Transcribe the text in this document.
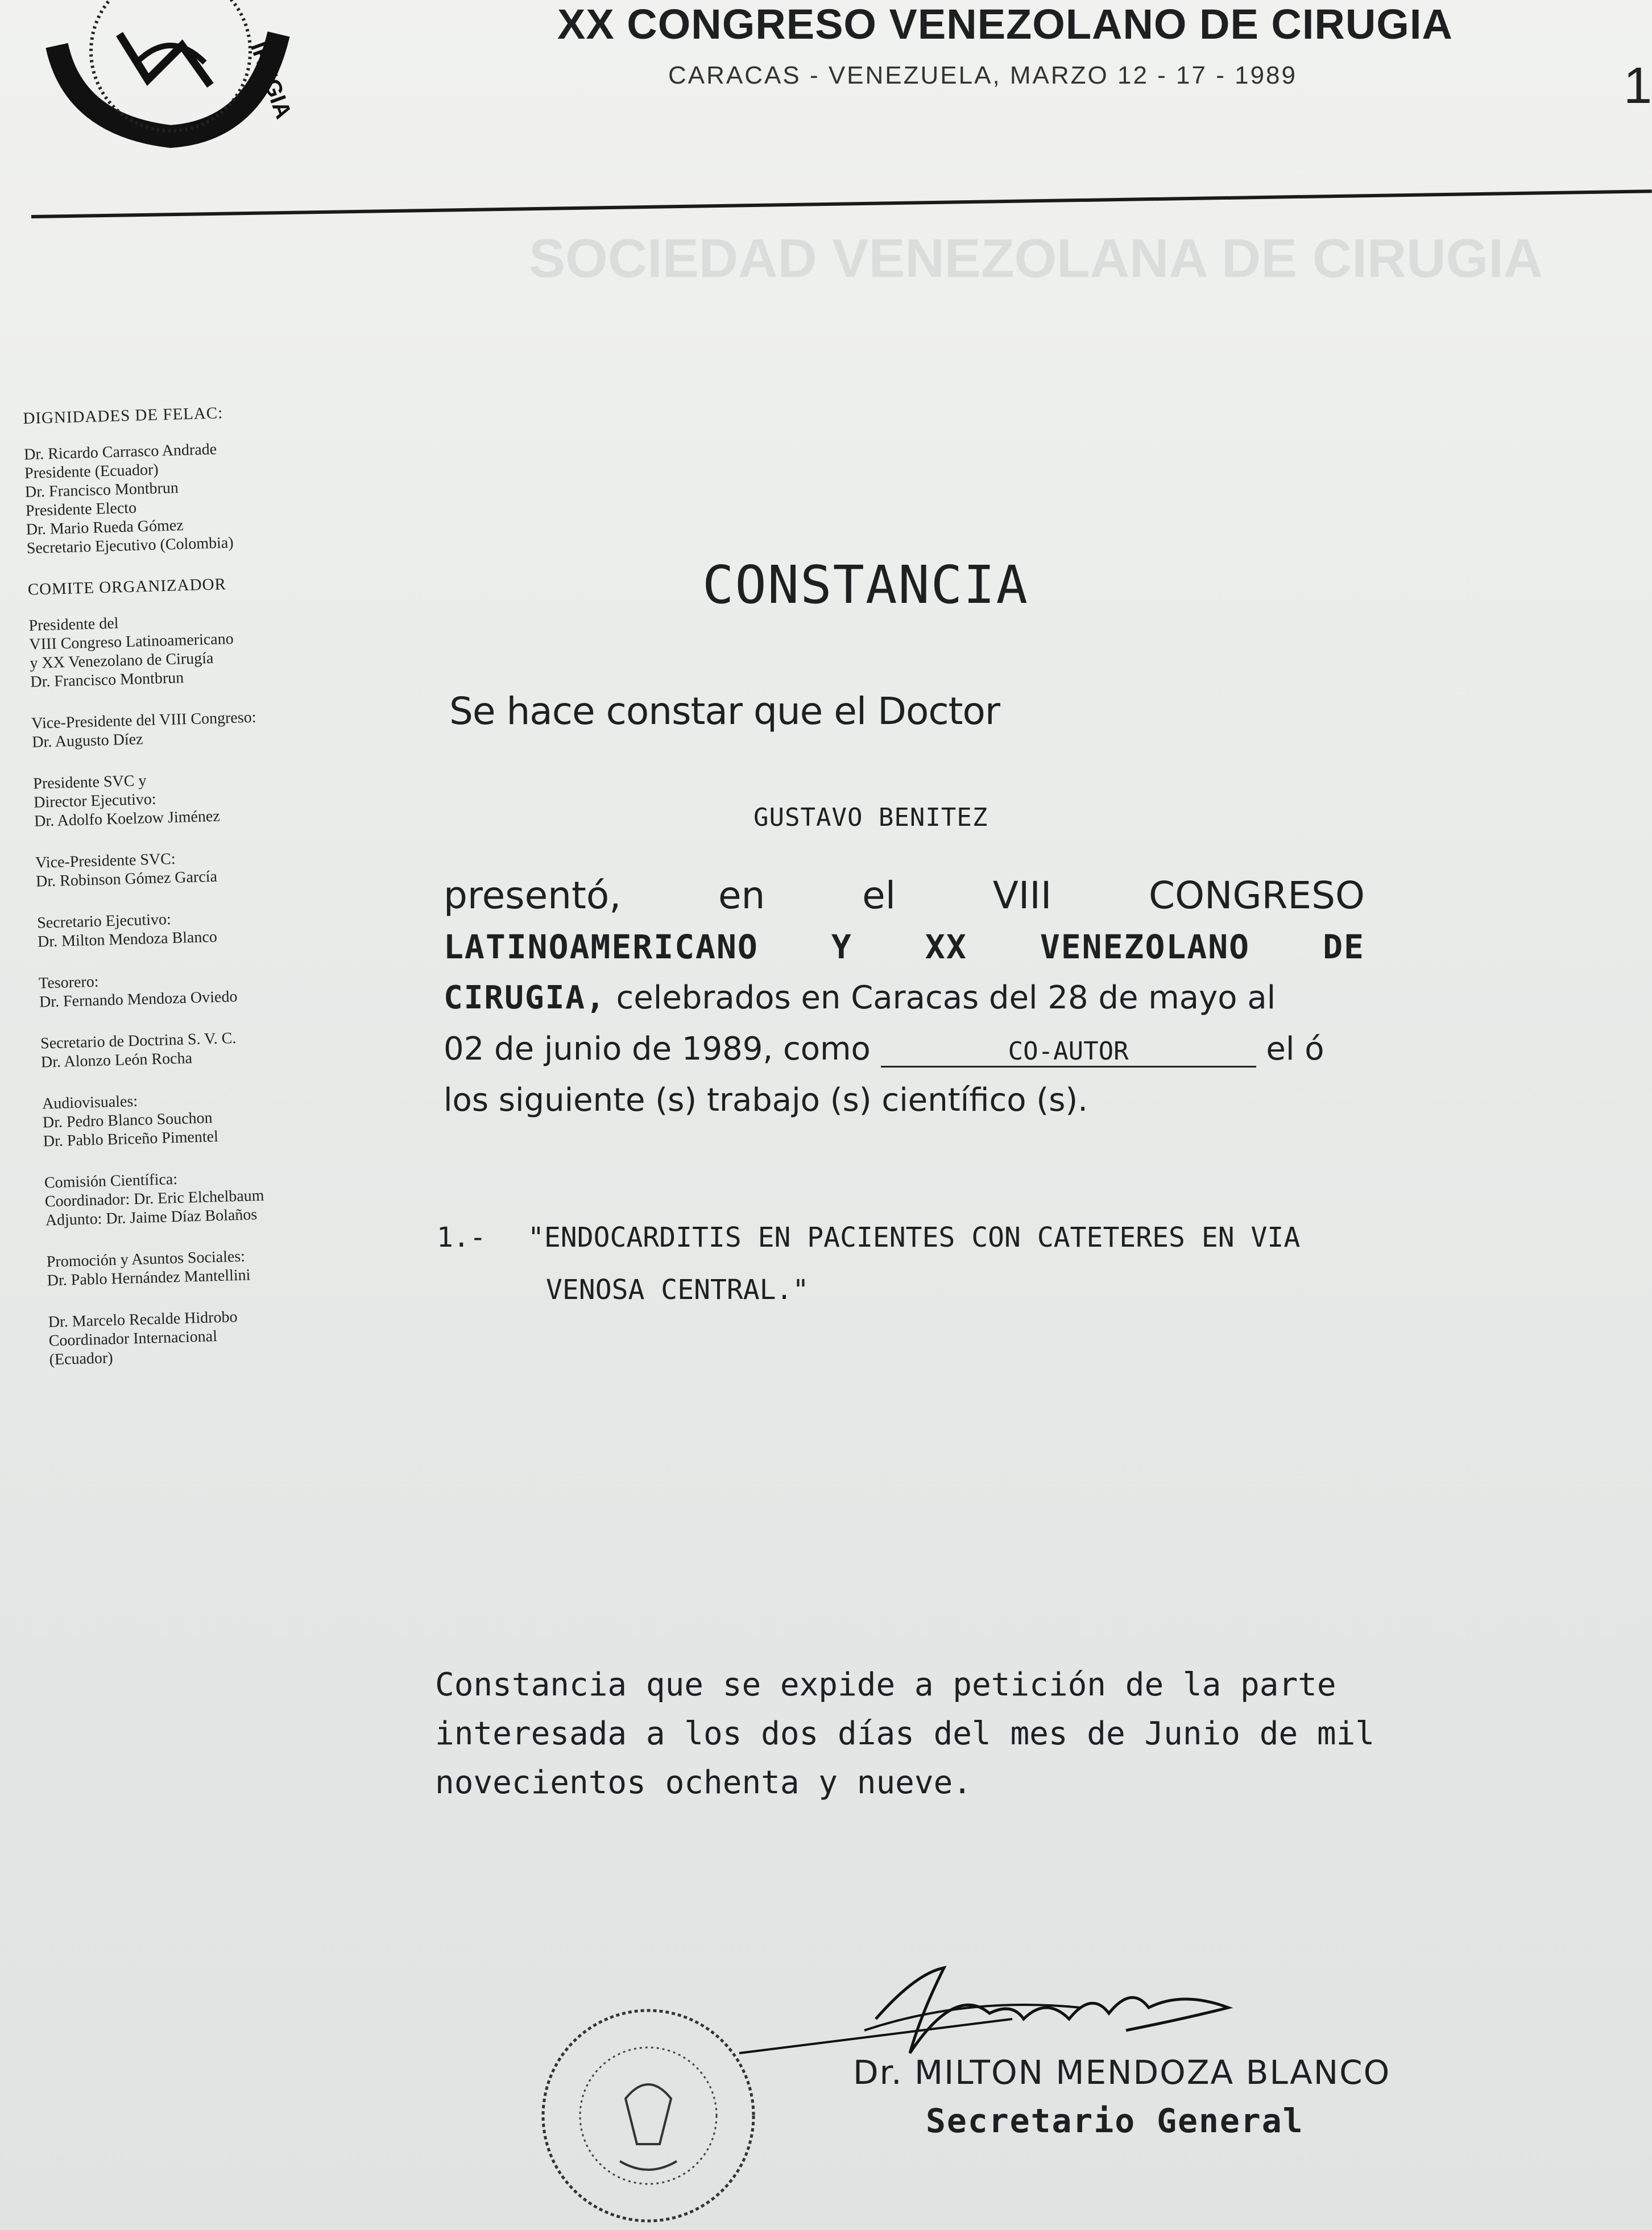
SOCIEDAD VENEZOLANA DE CIRUGIA
IRUGIA
XX CONGRESO VENEZOLANO DE CIRUGIA
CARACAS - VENEZUELA, MARZO 12 - 17 - 1989	1
DIGNIDADES DE FELAC:
Dr. Ricardo Carrasco Andrade
Presidente (Ecuador)
Dr. Francisco Montbrun
Presidente Electo
Dr. Mario Rueda Gómez
Secretario Ejecutivo (Colombia)
COMITE ORGANIZADOR
Presidente del
VIII Congreso Latinoamericano
y XX Venezolano de Cirugía
Dr. Francisco Montbrun
Vice-Presidente del VIII Congreso:
Dr. Augusto Díez
Presidente SVC y
Director Ejecutivo:
Dr. Adolfo Koelzow Jiménez
Vice-Presidente SVC:
Dr. Robinson Gómez García
Secretario Ejecutivo:
Dr. Milton Mendoza Blanco
Tesorero:
Dr. Fernando Mendoza Oviedo
Secretario de Doctrina S. V. C.
Dr. Alonzo León Rocha
Audiovisuales:
Dr. Pedro Blanco Souchon
Dr. Pablo Briceño Pimentel
Comisión Científica:
Coordinador: Dr. Eric Elchelbaum
Adjunto: Dr. Jaime Díaz Bolaños
Promoción y Asuntos Sociales:
Dr. Pablo Hernández Mantellini
Dr. Marcelo Recalde Hidrobo
Coordinador Internacional
(Ecuador)
CONSTANCIA
Se hace constar que el Doctor
GUSTAVO BENITEZ
presentó,	en	el	VIII	CONGRESO
LATINOAMERICANO Y XX VENEZOLANO DE
CIRUGIA, celebrados en Caracas del 28 de mayo al
02 de junio de 1989, como	CO-AUTOR	el ó
los siguiente (s) trabajo (s) científico (s).
1.- "ENDOCARDITIS EN PACIENTES CON CATETERES EN VIA
VENOSA CENTRAL."
Constancia que se expide a petición de la parte
interesada a los dos días del mes de Junio de mil
novecientos ochenta y nueve.
Dr. MILTON MENDOZA BLANCO
Secretario General
